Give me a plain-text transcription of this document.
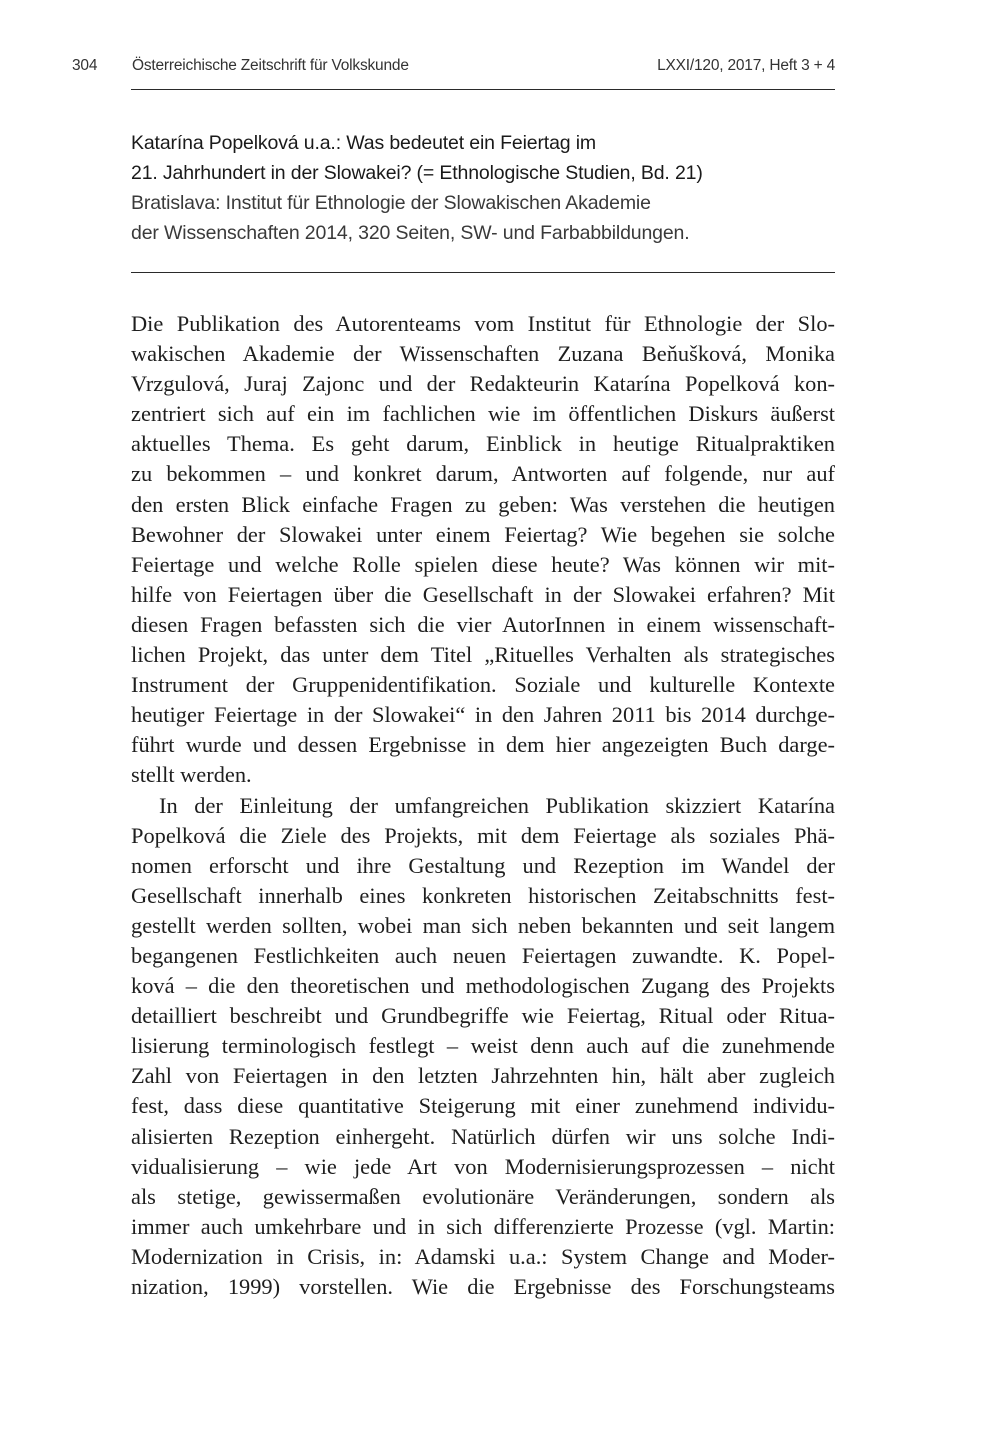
304 Österreichische Zeitschrift für Volkskunde	LXXI/120, 2017, Heft 3 + 4
Katarína Popelková u.a.: Was bedeutet ein Feiertag im
21. Jahrhundert in der Slowakei? (= Ethnologische Studien, Bd. 21)
Bratislava: Institut für Ethnologie der Slowakischen Akademie
der Wissenschaften 2014, 320 Seiten, SW- und Farbabbildungen.
Die Publikation des Autorenteams vom Institut für Ethnologie der Slo-
wakischen Akademie der Wissenschaften Zuzana Beňušková, Monika
Vrzgulová, Juraj Zajonc und der Redakteurin Katarína Popelková kon-
zentriert sich auf ein im fachlichen wie im öffentlichen Diskurs äußerst
aktuelles Thema. Es geht darum, Einblick in heutige Ritualpraktiken
zu bekommen – und konkret darum, Antworten auf folgende, nur auf
den ersten Blick einfache Fragen zu geben: Was verstehen die heutigen
Bewohner der Slowakei unter einem Feiertag? Wie begehen sie solche
Feiertage und welche Rolle spielen diese heute? Was können wir mit-
hilfe von Feiertagen über die Gesellschaft in der Slowakei erfahren? Mit
diesen Fragen befassten sich die vier AutorInnen in einem wissenschaft-
lichen Projekt, das unter dem Titel „Rituelles Verhalten als strategisches
Instrument der Gruppenidentifikation. Soziale und kulturelle Kontexte
heutiger Feiertage in der Slowakei“ in den Jahren 2011 bis 2014 durchge-
führt wurde und dessen Ergebnisse in dem hier angezeigten Buch darge-
stellt werden.
In der Einleitung der umfangreichen Publikation skizziert Katarína
Popelková die Ziele des Projekts, mit dem Feiertage als soziales Phä-
nomen erforscht und ihre Gestaltung und Rezeption im Wandel der
Gesellschaft innerhalb eines konkreten historischen Zeitabschnitts fest-
gestellt werden sollten, wobei man sich neben bekannten und seit langem
begangenen Festlichkeiten auch neuen Feiertagen zuwandte. K. Popel-
ková – die den theoretischen und methodologischen Zugang des Projekts
detailliert beschreibt und Grundbegriffe wie Feiertag, Ritual oder Ritua-
lisierung terminologisch festlegt – weist denn auch auf die zunehmende
Zahl von Feiertagen in den letzten Jahrzehnten hin, hält aber zugleich
fest, dass diese quantitative Steigerung mit einer zunehmend individu-
alisierten Rezeption einhergeht. Natürlich dürfen wir uns solche Indi-
vidualisierung – wie jede Art von Modernisierungsprozessen – nicht
als stetige, gewissermaßen evolutionäre Veränderungen, sondern als
immer auch umkehrbare und in sich differenzierte Prozesse (vgl. Martin:
Modernization in Crisis, in: Adamski u.a.: System Change and Moder-
nization, 1999) vorstellen. Wie die Ergebnisse des Forschungsteams
